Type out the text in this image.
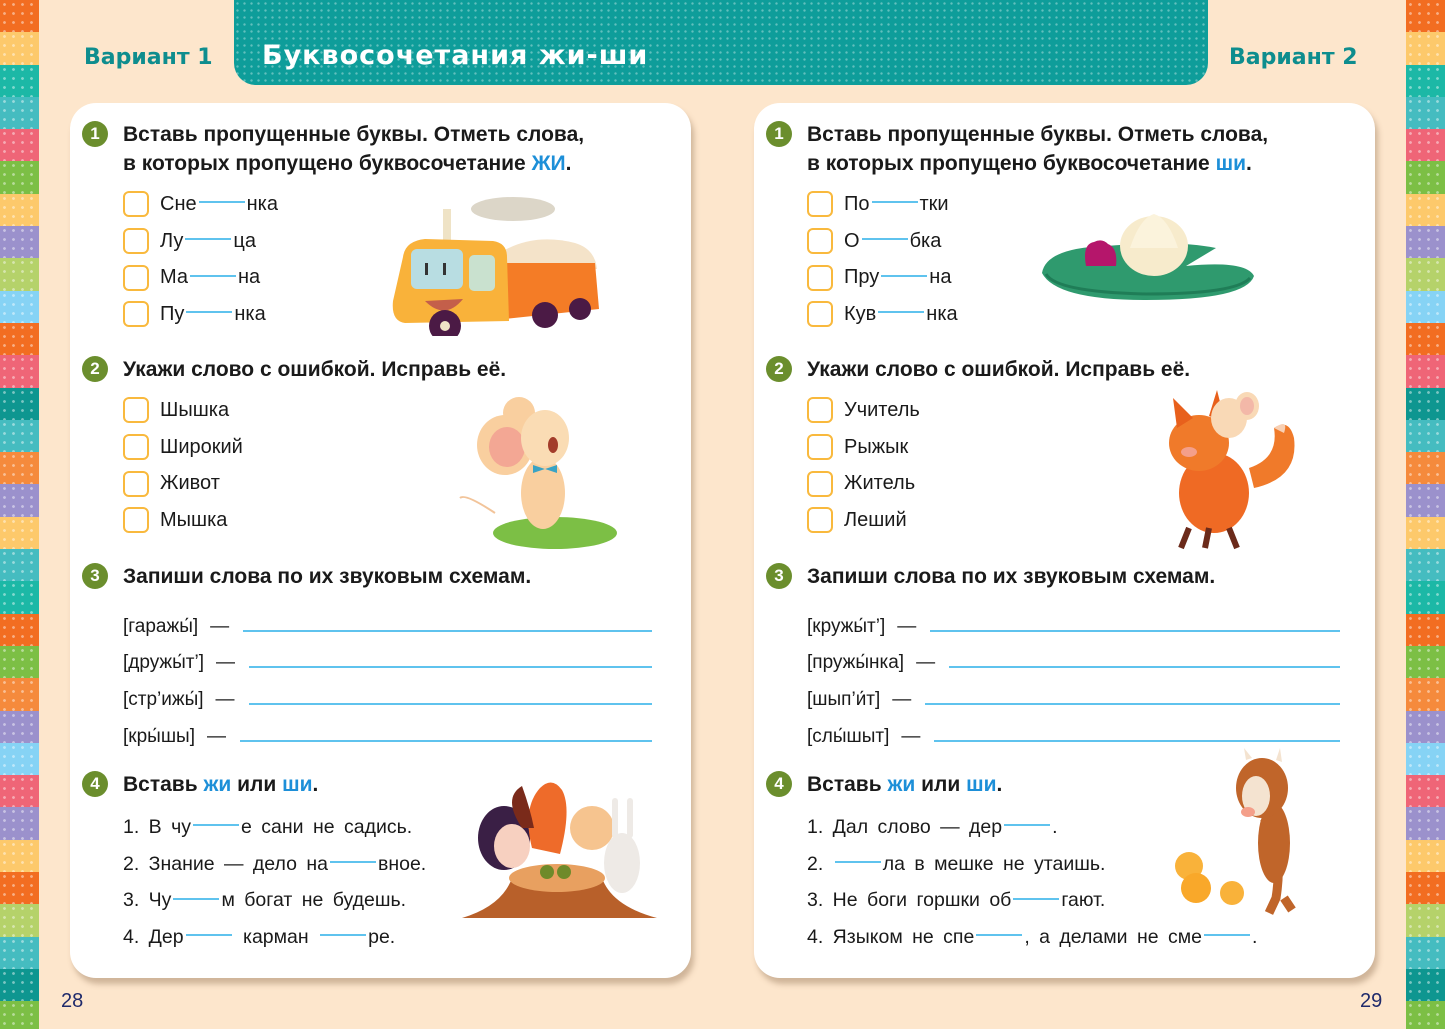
Буквосочетания жи-ши
Вариант 1	Вариант 2
1	Вставь пропущенные буквы. Отметь слова,
в которых пропущено буквосочетание ЖИ.
Сне	нка
Лу	ца
Ма	на
Пу	нка
2	Укажи слово с ошибкой. Исправь её.
Шышка
Широкий
Живот
Мышка
3	Запиши слова по их звуковым схемам.
[гаражы́] —
[дружы́т’] —
[стр’ижы́] —
[кры́шы] —
4	Вставь жи или ши.
1. В чу	е сани не садись.
2. Знание — дело на	вное.
3. Чу	м богат не будешь.
4. Дер	карман	ре.
1	Вставь пропущенные буквы. Отметь слова,
в которых пропущено буквосочетание ши.
По	тки
О	бка
Пру	на
Кув	нка
2	Укажи слово с ошибкой. Исправь её.
Учитель
Рыжык
Житель
Леший
3	Запиши слова по их звуковым схемам.
[кружы́т’] —
[пружы́нка] —
[шып’и́т] —
[слы́шыт] —
4	Вставь жи или ши.
1. Дал слово — дер	.
2.	ла в мешке не утаишь.
3. Не боги горшки об	гают.
4. Языком не спе	, а делами не сме	.
28	29
